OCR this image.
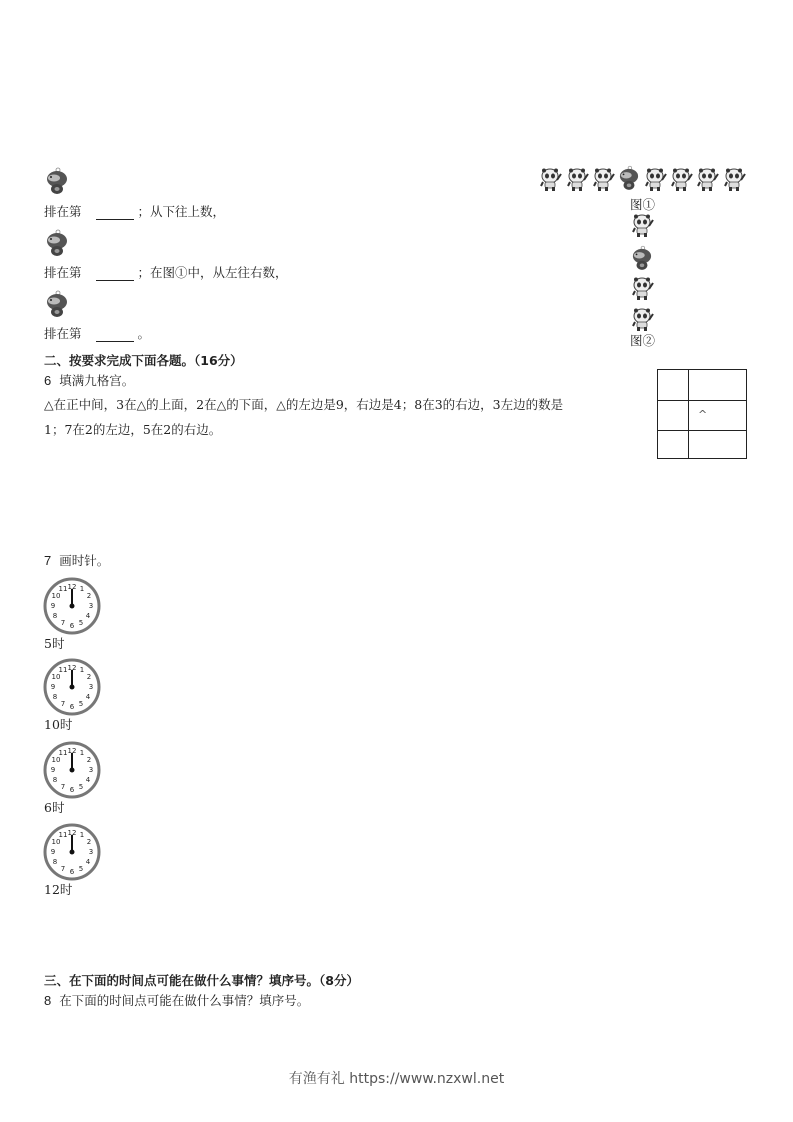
排在第	；从下往上数，
排在第	；在图①中，从左往右数，
排在第	。
图①
图②
二、按要求完成下面各题。（16分）
6 填满九格宫。
△在正中间，3在△的上面，2在△的下面，△的左边是9，右边是4；8在3的右边，3左边的数是
1；7在2的左边，5在2的右边。
^
7 画时针。
5时
10时
6时
12时
三、在下面的时间点可能在做什么事情？填序号。（8分）
8 在下面的时间点可能在做什么事情？填序号。
有渔有礼 https://www.nzxwl.net
